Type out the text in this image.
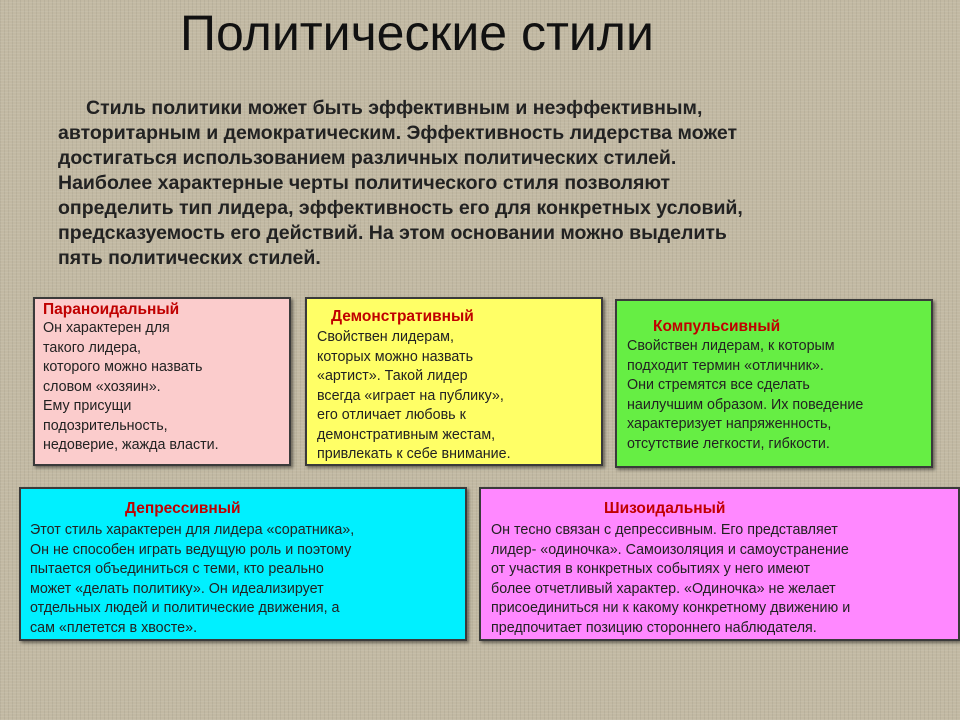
Политические стили
Стиль политики может быть эффективным и неэффективным,
авторитарным и демократическим. Эффективность лидерства может
достигаться использованием различных политических стилей.
Наиболее характерные черты политического стиля позволяют
определить тип лидера, эффективность его для конкретных условий,
предсказуемость его действий. На этом основании можно выделить
пять политических стилей.
Параноидальный
Он характерен для
такого лидера,
которого можно назвать
словом «хозяин».
Ему присущи
подозрительность,
недоверие, жажда власти.
Демонстративный
Свойствен лидерам,
которых можно назвать
«артист». Такой лидер
всегда «играет на публику»,
его отличает любовь к
демонстративным жестам,
привлекать к себе внимание.
Компульсивный
Свойствен лидерам, к которым
подходит термин «отличник».
Они стремятся все сделать
наилучшим образом. Их поведение
характеризует напряженность,
отсутствие легкости, гибкости.
Депрессивный
Этот стиль характерен для лидера «соратника»,
Он не способен играть ведущую роль и поэтому
пытается объединиться с теми, кто реально
может «делать политику». Он идеализирует
отдельных людей и политические движения, а
сам «плетется в хвосте».
Шизоидальный
Он тесно связан с депрессивным. Его представляет
лидер- «одиночка». Самоизоляция и самоустранение
от участия в конкретных событиях у него имеют
более отчетливый характер. «Одиночка» не желает
присоединиться ни к какому конкретному движению и
предпочитает позицию стороннего наблюдателя.
